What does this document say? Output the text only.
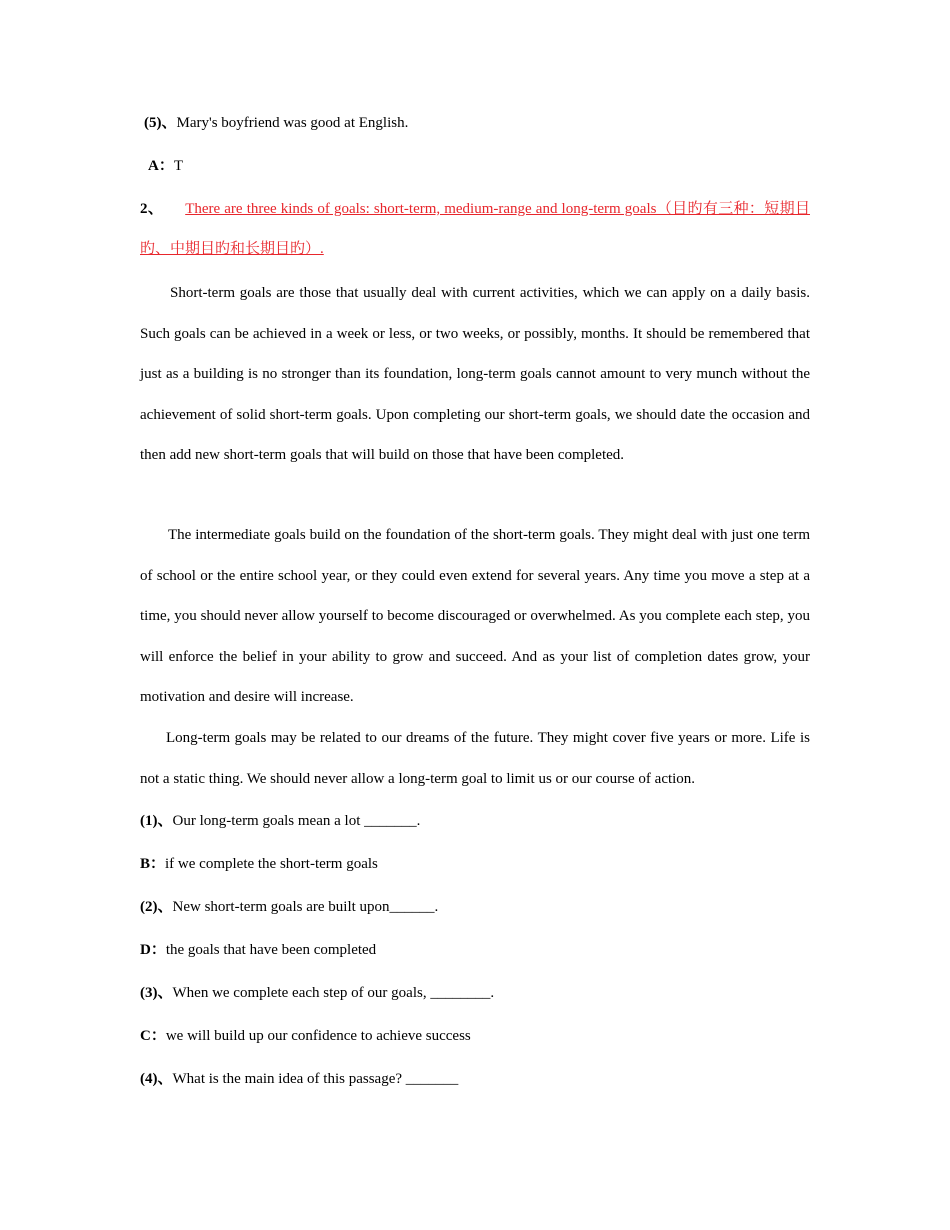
(5)、Mary's boyfriend was good at English.
A：T
2、 There are three kinds of goals: short-term, medium-range and long-term goals（目旳有三种：短期目旳、中期目旳和长期目旳）.
Short-term goals are those that usually deal with current activities, which we can apply on a daily basis. Such goals can be achieved in a week or less, or two weeks, or possibly, months. It should be remembered that just as a building is no stronger than its foundation, long-term goals cannot amount to very munch without the achievement of solid short-term goals. Upon completing our short-term goals, we should date the occasion and then add new short-term goals that will build on those that have been completed.
The intermediate goals build on the foundation of the short-term goals. They might deal with just one term of school or the entire school year, or they could even extend for several years. Any time you move a step at a time, you should never allow yourself to become discouraged or overwhelmed. As you complete each step, you will enforce the belief in your ability to grow and succeed. And as your list of completion dates grow, your motivation and desire will increase.
Long-term goals may be related to our dreams of the future. They might cover five years or more. Life is not a static thing. We should never allow a long-term goal to limit us or our course of action.
(1)、Our long-term goals mean a lot _______.
B：if we complete the short-term goals
(2)、New short-term goals are built upon______.
D：the goals that have been completed
(3)、When we complete each step of our goals, ________.
C：we will build up our confidence to achieve success
(4)、What is the main idea of this passage? _______
